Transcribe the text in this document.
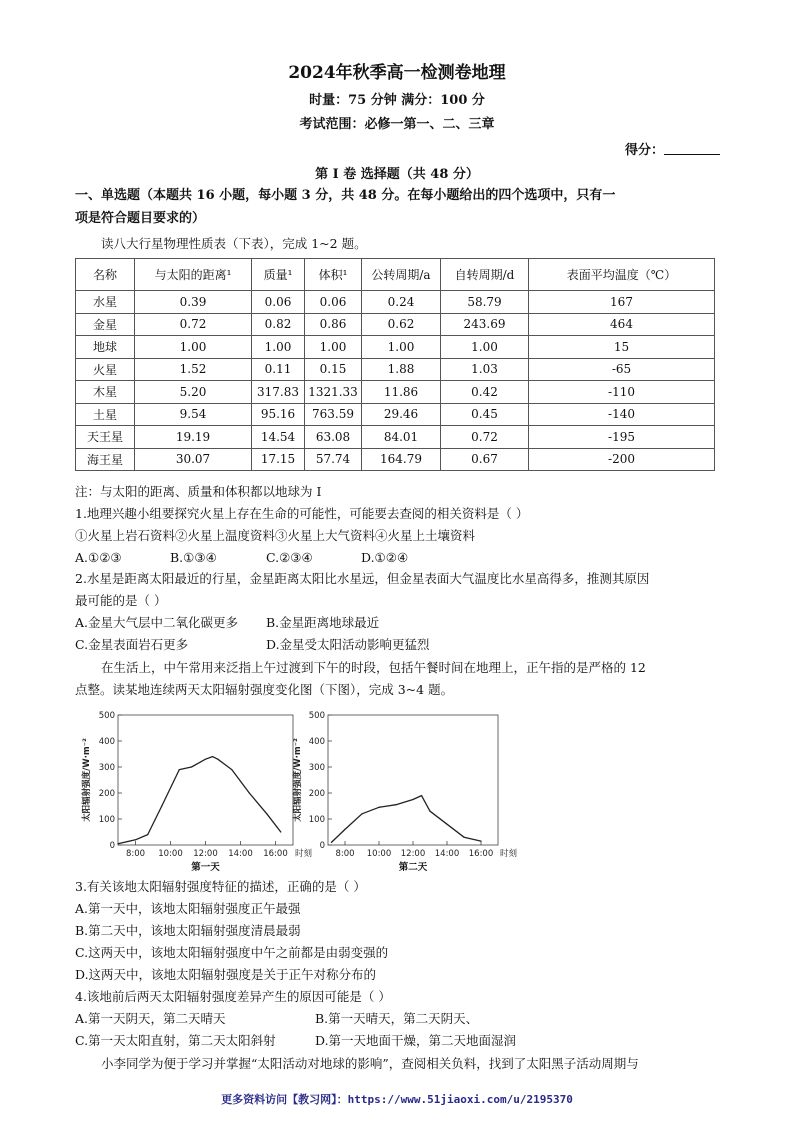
2024年秋季高一检测卷地理
时量：75 分钟 满分：100 分
考试范围：必修一第一、二、三章
得分：
第 I 卷 选择题（共 48 分）
一、单选题（本题共 16 小题，每小题 3 分，共 48 分。在每小题给出的四个选项中，只有一
项是符合题目要求的）
读八大行星物理性质表（下表），完成 1~2 题。
名称	与太阳的距离¹	质量¹	体积¹	公转周期/a	自转周期/d	表面平均温度（℃）
水星	0.39	0.06	0.06	0.24	58.79	167
金星	0.72	0.82	0.86	0.62	243.69	464
地球	1.00	1.00	1.00	1.00	1.00	15
火星	1.52	0.11	0.15	1.88	1.03	-65
木星	5.20	317.83	1321.33	11.86	0.42	-110
土星	9.54	95.16	763.59	29.46	0.45	-140
天王星	19.19	14.54	63.08	84.01	0.72	-195
海王星	30.07	17.15	57.74	164.79	0.67	-200
注：与太阳的距离、质量和体积都以地球为 I
1.地理兴趣小组要探究火星上存在生命的可能性，可能要去查阅的相关资料是（ ）
①火星上岩石资料②火星上温度资料③火星上大气资料④火星上土壤资料
A.①②③	B.①③④	C.②③④	D.①②④
2.水星是距离太阳最近的行星，金星距离太阳比水星远，但金星表面大气温度比水星高得多，推测其原因
最可能的是（ ）
A.金星大气层中二氧化碳更多 B.金星距离地球最近
C.金星表面岩石更多	D.金星受太阳活动影响更猛烈
在生活上，中午常用来泛指上午过渡到下午的时段，包括午餐时间在地理上，正午指的是严格的 12
点整。读某地连续两天太阳辐射强度变化图（下图），完成 3~4 题。
0
100
200
300
400
500
8:00 10:00 12:00 14:00 16:00 时刻
太阳辐射强度/W·m⁻²
第一天
0
100
200
300
400
500
8:00 10:00 12:00 14:00 16:00 时刻
太阳辐射强度/W·m⁻²
第二天
3.有关该地太阳辐射强度特征的描述，正确的是（ ）
A.第一天中，该地太阳辐射强度正午最强
B.第二天中，该地太阳辐射强度清晨最弱
C.这两天中，该地太阳辐射强度中午之前都是由弱变强的
D.这两天中，该地太阳辐射强度是关于正午对称分布的
4.该地前后两天太阳辐射强度差异产生的原因可能是（ ）
A.第一天阴天，第二天晴天	B.第一天晴天，第二天阴天、
C.第一天太阳直射，第二天太阳斜射	D.第一天地面干燥，第二天地面湿润
小李同学为便于学习并掌握“太阳活动对地球的影响”，查阅相关负料，找到了太阳黑子活动周期与
更多资料访问【教习网】：https://www.51jiaoxi.com/u/2195370
